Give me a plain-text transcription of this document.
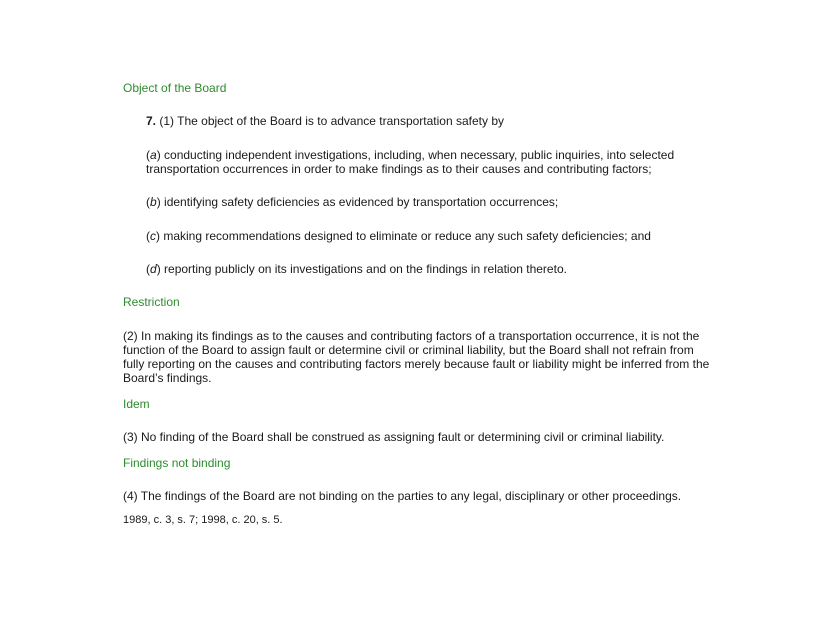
Object of the Board
7. (1) The object of the Board is to advance transportation safety by
(a) conducting independent investigations, including, when necessary, public inquiries, into selected transportation occurrences in order to make findings as to their causes and contributing factors;
(b) identifying safety deficiencies as evidenced by transportation occurrences;
(c) making recommendations designed to eliminate or reduce any such safety deficiencies; and
(d) reporting publicly on its investigations and on the findings in relation thereto.
Restriction
(2) In making its findings as to the causes and contributing factors of a transportation occurrence, it is not the function of the Board to assign fault or determine civil or criminal liability, but the Board shall not refrain from fully reporting on the causes and contributing factors merely because fault or liability might be inferred from the Board’s findings.
Idem
(3) No finding of the Board shall be construed as assigning fault or determining civil or criminal liability.
Findings not binding
(4) The findings of the Board are not binding on the parties to any legal, disciplinary or other proceedings.
1989, c. 3, s. 7; 1998, c. 20, s. 5.
